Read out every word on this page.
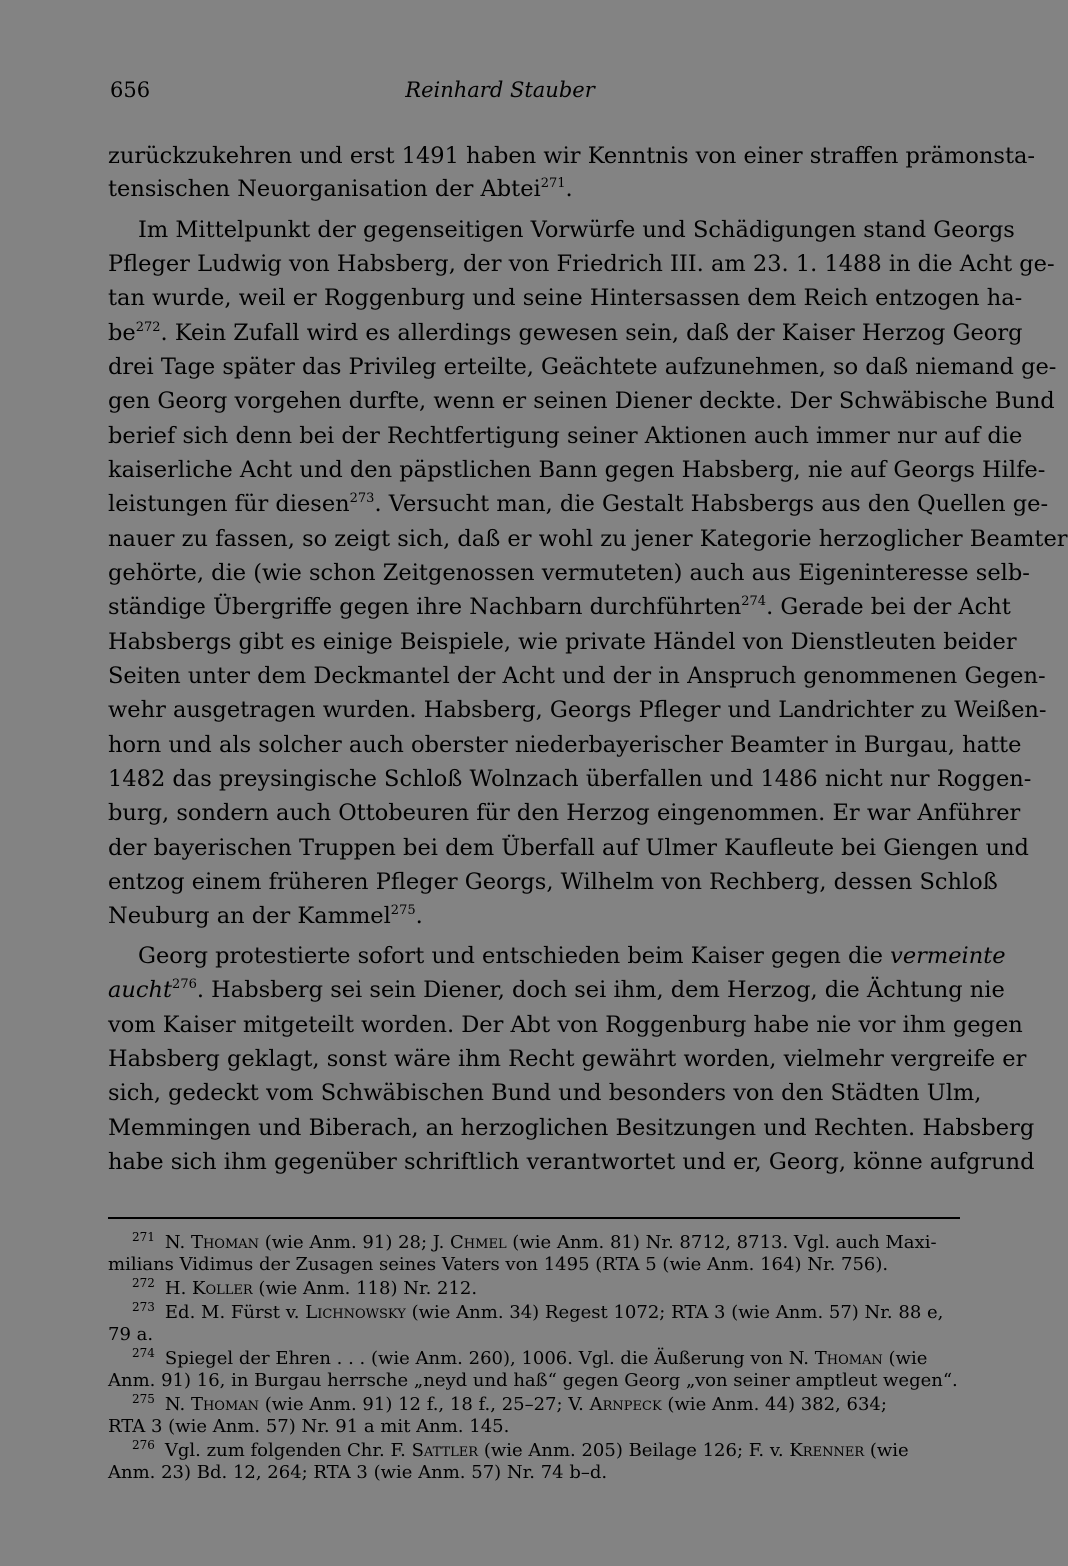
656	Reinhard Stauber
zurückzukehren und erst 1491 haben wir Kenntnis von einer straffen prämonsta-
tensischen Neuorganisation der Abtei$^{271}$.
Im Mittelpunkt der gegenseitigen Vorwürfe und Schädigungen stand Georgs
Pfleger Ludwig von Habsberg, der von Friedrich III. am 23. 1. 1488 in die Acht ge-
tan wurde, weil er Roggenburg und seine Hintersassen dem Reich entzogen ha-
$be^{272}$. Kein Zufall wird es allerdings gewesen sein, daß der Kaiser Herzog Georg
drei Tage später das Privileg erteilte, Geächtete aufzunehmen, so daß niemand ge-
gen Georg vorgehen durfte, wenn er seinen Diener deckte. Der Schwäbische Bund
berief sich denn bei der Rechtfertigung seiner Aktionen auch immer nur auf die
kaiserliche Acht und den päpstlichen Bann gegen Habsberg, nie auf Georgs Hilfe-
leistungen für diesen$^{273}$. Versucht man, die Gestalt Habsbergs aus den Quellen ge-
nauer zu fassen, so zeigt sich, daß er wohl zu jener Kategorie herzoglicher Beamter
gehörte, die (wie schon Zeitgenossen vermuteten) auch aus Eigeninteresse selb-
ständige Übergriffe gegen ihre Nachbarn durchführten$^{274}$. Gerade bei der Acht
Habsbergs gibt es einige Beispiele, wie private Händel von Dienstleuten beider
Seiten unter dem Deckmantel der Acht und der in Anspruch genommenen Gegen-
wehr ausgetragen wurden. Habsberg, Georgs Pfleger und Landrichter zu Weißen-
horn und als solcher auch oberster niederbayerischer Beamter in Burgau, hatte
1482 das preysingische Schloß Wolnzach überfallen und 1486 nicht nur Roggen-
burg, sondern auch Ottobeuren für den Herzog eingenommen. Er war Anführer
der bayerischen Truppen bei dem Überfall auf Ulmer Kaufleute bei Giengen und
entzog einem früheren Pfleger Georgs, Wilhelm von Rechberg, dessen Schloß
Neuburg an der Kammel$^{275}$.
Georg protestierte sofort und entschieden beim Kaiser gegen die vermeinte
aucht$^{276}$. Habsberg sei sein Diener, doch sei ihm, dem Herzog, die Ächtung nie
vom Kaiser mitgeteilt worden. Der Abt von Roggenburg habe nie vor ihm gegen
Habsberg geklagt, sonst wäre ihm Recht gewährt worden, vielmehr vergreife er
sich, gedeckt vom Schwäbischen Bund und besonders von den Städten Ulm,
Memmingen und Biberach, an herzoglichen Besitzungen und Rechten. Habsberg
habe sich ihm gegenüber schriftlich verantwortet und er, Georg, könne aufgrund
$^{271}$ N. Thoman (wie Anm. 91) 28; J. Chmel (wie Anm. 81) Nr. 8712, 8713. Vgl. auch Maxi-
milians Vidimus der Zusagen seines Vaters von 1495 (RTA 5 (wie Anm. 164) Nr. 756).
$^{272}$ H. Koller (wie Anm. 118) Nr. 212.
$^{273}$ Ed. M. Fürst v. Lichnowsky (wie Anm. 34) Regest 1072; RTA 3 (wie Anm. 57) Nr. 88 e,
79 a.
$^{274}$ Spiegel der Ehren . . . (wie Anm. 260), 1006. Vgl. die Äußerung von N. Thoman (wie
Anm. 91) 16, in Burgau herrsche „neyd und haß“ gegen Georg „von seiner amptleut wegen“.
$^{275}$ N. Thoman (wie Anm. 91) 12 f., 18 f., 25–27; V. Arnpeck (wie Anm. 44) 382, 634;
RTA 3 (wie Anm. 57) Nr. 91 a mit Anm. 145.
$^{276}$ Vgl. zum folgenden Chr. F. Sattler (wie Anm. 205) Beilage 126; F. v. Krenner (wie
Anm. 23) Bd. 12, 264; RTA 3 (wie Anm. 57) Nr. 74 b–d.
